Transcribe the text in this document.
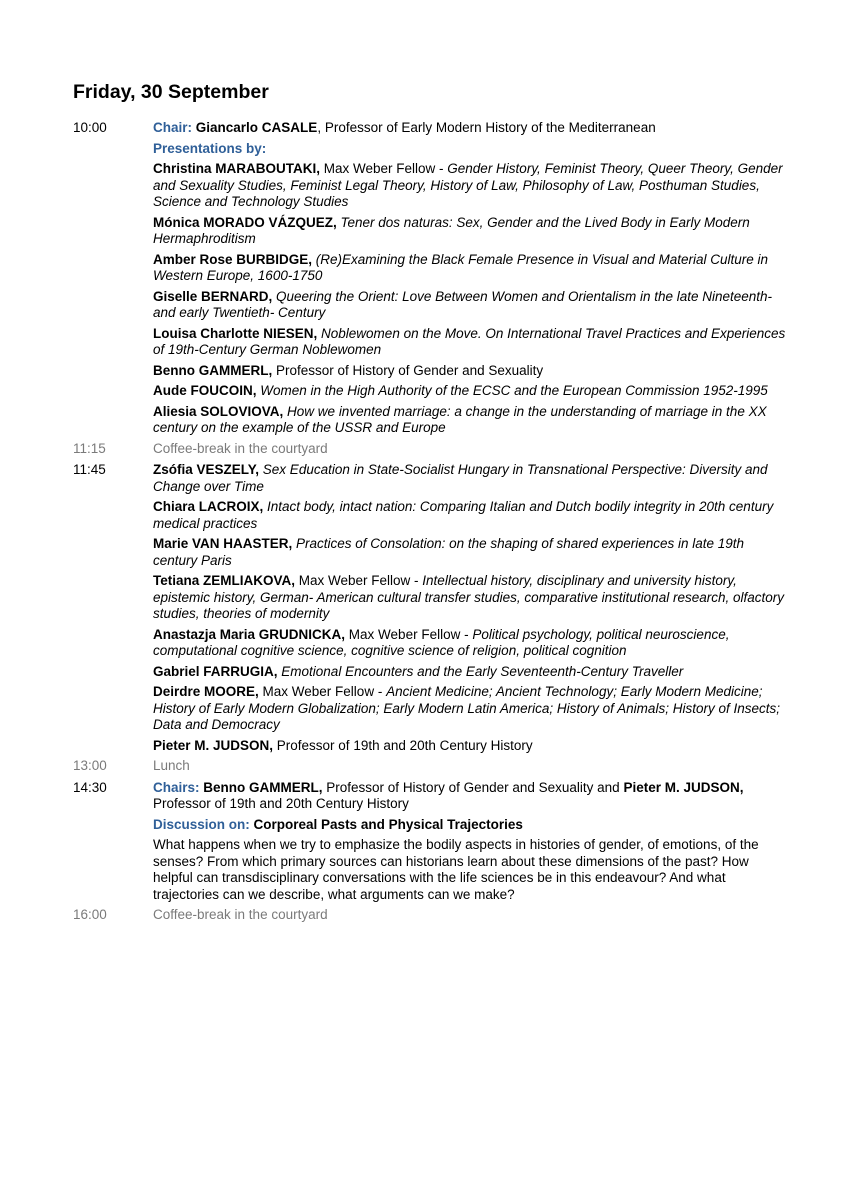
Friday, 30 September
10:00	Chair: Giancarlo CASALE, Professor of Early Modern History of the Mediterranean

Presentations by:

Christina MARABOUTAKI, Max Weber Fellow - Gender History, Feminist Theory, Queer Theory, Gender and Sexuality Studies, Feminist Legal Theory, History of Law, Philosophy of Law, Posthuman Studies, Science and Technology Studies

Mónica MORADO VÁZQUEZ, Tener dos naturas: Sex, Gender and the Lived Body in Early Modern Hermaphroditism

Amber Rose BURBIDGE, (Re)Examining the Black Female Presence in Visual and Material Culture in Western Europe, 1600-1750

Giselle BERNARD, Queering the Orient: Love Between Women and Orientalism in the late Nineteenth- and early Twentieth- Century

Louisa Charlotte NIESEN, Noblewomen on the Move. On International Travel Practices and Experiences of 19th-Century German Noblewomen

Benno GAMMERL, Professor of History of Gender and Sexuality

Aude FOUCOIN, Women in the High Authority of the ECSC and the European Commission 1952-1995

Aliesia SOLOVIOVA, How we invented marriage: a change in the understanding of marriage in the XX century on the example of the USSR and Europe

11:15	Coffee-break in the courtyard

11:45	Zsófia VESZELY, Sex Education in State-Socialist Hungary in Transnational Perspective: Diversity and Change over Time

Chiara LACROIX, Intact body, intact nation: Comparing Italian and Dutch bodily integrity in 20th century medical practices

Marie VAN HAASTER, Practices of Consolation: on the shaping of shared experiences in late 19th century Paris

Tetiana ZEMLIAKOVA, Max Weber Fellow - Intellectual history, disciplinary and university history, epistemic history, German- American cultural transfer studies, comparative institutional research, olfactory studies, theories of modernity

Anastazja Maria GRUDNICKA, Max Weber Fellow - Political psychology, political neuroscience, computational cognitive science, cognitive science of religion, political cognition

Gabriel FARRUGIA, Emotional Encounters and the Early Seventeenth-Century Traveller

Deirdre MOORE, Max Weber Fellow - Ancient Medicine; Ancient Technology; Early Modern Medicine; History of Early Modern Globalization; Early Modern Latin America; History of Animals; History of Insects; Data and Democracy

Pieter M. JUDSON, Professor of 19th and 20th Century History

13:00	Lunch

14:30	Chairs: Benno GAMMERL, Professor of History of Gender and Sexuality and Pieter M. JUDSON, Professor of 19th and 20th Century History

Discussion on: Corporeal Pasts and Physical Trajectories

What happens when we try to emphasize the bodily aspects in histories of gender, of emotions, of the senses? From which primary sources can historians learn about these dimensions of the past? How helpful can transdisciplinary conversations with the life sciences be in this endeavour? And what trajectories can we describe, what arguments can we make?

16:00	Coffee-break in the courtyard
